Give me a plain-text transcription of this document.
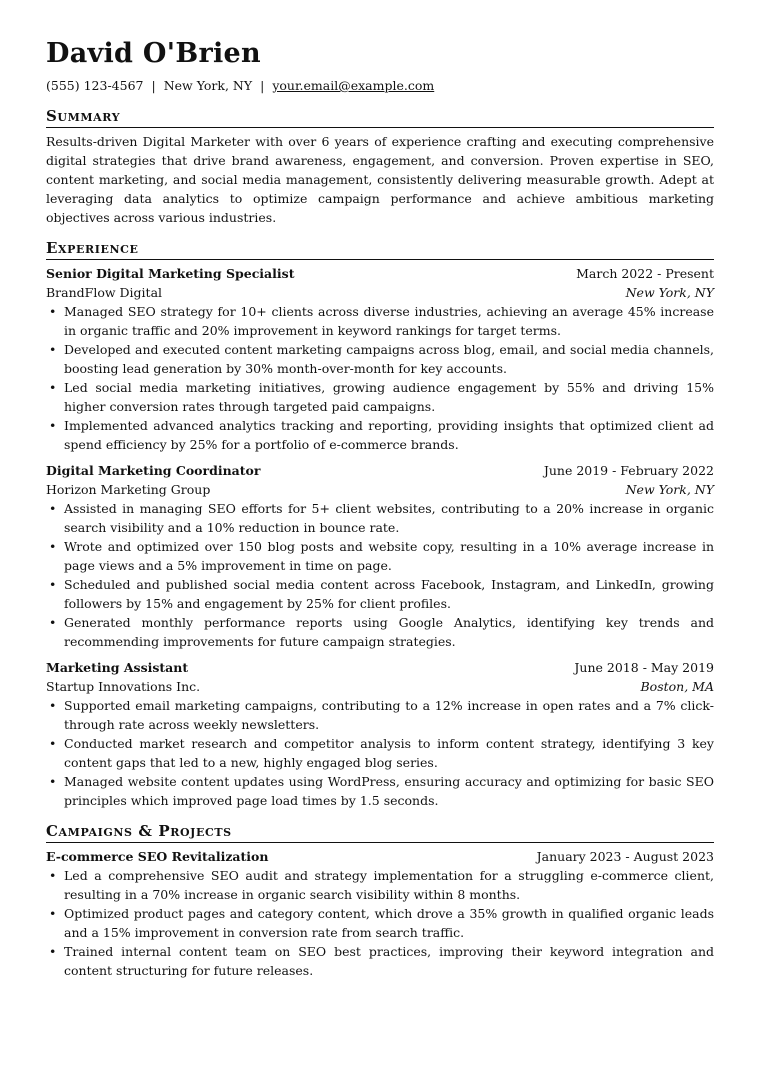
David O'Brien
(555) 123-4567 | New York, NY | your.email@example.com
Summary

Results-driven Digital Marketer with over 6 years of experience crafting and executing comprehensive digital strategies that drive brand awareness, engagement, and conversion. Proven expertise in SEO, content marketing, and social media management, consistently delivering measurable growth. Adept at leveraging data analytics to optimize campaign performance and achieve ambitious marketing objectives across various industries.

Experience
Senior Digital Marketing Specialist	March 2022 - Present
BrandFlow Digital	New York, NY
• Managed SEO strategy for 10+ clients across diverse industries, achieving an average 45% increase in organic traffic and 20% improvement in keyword rankings for target terms.
• Developed and executed content marketing campaigns across blog, email, and social media channels, boosting lead generation by 30% month-over-month for key accounts.
• Led social media marketing initiatives, growing audience engagement by 55% and driving 15% higher conversion rates through targeted paid campaigns.
• Implemented advanced analytics tracking and reporting, providing insights that optimized client ad spend efficiency by 25% for a portfolio of e-commerce brands.
Digital Marketing Coordinator	June 2019 - February 2022
Horizon Marketing Group	New York, NY
• Assisted in managing SEO efforts for 5+ client websites, contributing to a 20% increase in organic search visibility and a 10% reduction in bounce rate.
• Wrote and optimized over 150 blog posts and website copy, resulting in a 10% average increase in page views and a 5% improvement in time on page.
• Scheduled and published social media content across Facebook, Instagram, and LinkedIn, growing followers by 15% and engagement by 25% for client profiles.
• Generated monthly performance reports using Google Analytics, identifying key trends and recommending improvements for future campaign strategies.
Marketing Assistant	June 2018 - May 2019
Startup Innovations Inc.	Boston, MA
• Supported email marketing campaigns, contributing to a 12% increase in open rates and a 7% click-through rate across weekly newsletters.
• Conducted market research and competitor analysis to inform content strategy, identifying 3 key content gaps that led to a new, highly engaged blog series.
• Managed website content updates using WordPress, ensuring accuracy and optimizing for basic SEO principles which improved page load times by 1.5 seconds.
Campaigns & Projects
E-commerce SEO Revitalization	January 2023 - August 2023
• Led a comprehensive SEO audit and strategy implementation for a struggling e-commerce client, resulting in a 70% increase in organic search visibility within 8 months.
• Optimized product pages and category content, which drove a 35% growth in qualified organic leads and a 15% improvement in conversion rate from search traffic.
• Trained internal content team on SEO best practices, improving their keyword integration and content structuring for future releases.
